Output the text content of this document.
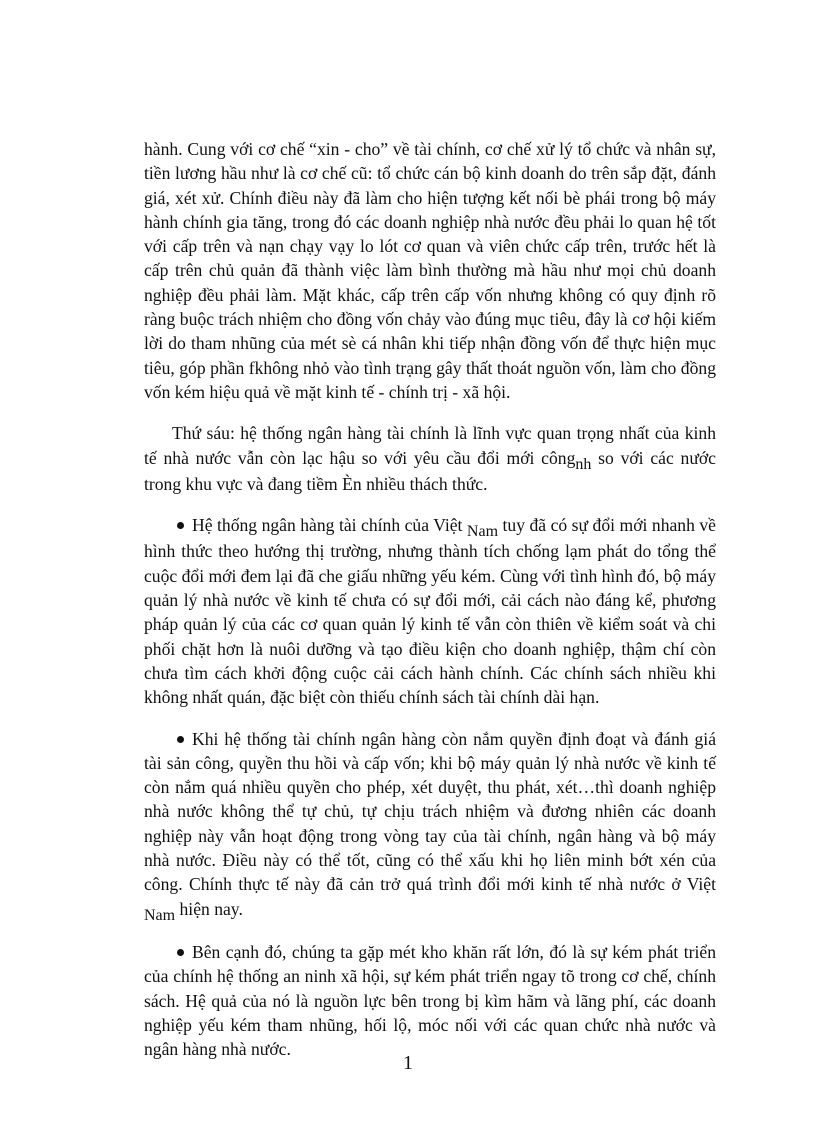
hành. Cung với cơ chế “xin - cho” về tài chính, cơ chế xử lý tổ chức và nhân sự, tiền lương hầu như là cơ chế cũ: tổ chức cán bộ kinh doanh do trên sắp đặt, đánh giá, xét xử. Chính điều này đã làm cho hiện tượng kết nối bè phái trong bộ máy hành chính gia tăng, trong đó các doanh nghiệp nhà nước đều phải lo quan hệ tốt với cấp trên và nạn chạy vạy lo lót cơ quan và viên chức cấp trên, trước hết là cấp trên chủ quản đã thành việc làm bình thường mà hầu như mọi chủ doanh nghiệp đều phải làm. Mặt khác, cấp trên cấp vốn nhưng không có quy định rõ ràng buộc trách nhiệm cho đồng vốn chảy vào đúng mục tiêu, đây là cơ hội kiếm lời do tham nhũng của mét sè cá nhân khi tiếp nhận đồng vốn để thực hiện mục tiêu, góp phần fkhông nhỏ vào tình trạng gây thất thoát nguồn vốn, làm cho đồng vốn kém hiệu quả về mặt kinh tế - chính trị - xã hội.

Thứ sáu: hệ thống ngân hàng tài chính là lĩnh vực quan trọng nhất của kinh tế nhà nước vẫn còn lạc hậu so với yêu cầu đổi mới côngnh so với các nước trong khu vực và đang tiềm Èn nhiều thách thức.

Hệ thống ngân hàng tài chính của Việt Nam tuy đã có sự đổi mới nhanh về hình thức theo hướng thị trường, nhưng thành tích chống lạm phát do tổng thể cuộc đổi mới đem lại đã che giấu những yếu kém. Cùng với tình hình đó, bộ máy quản lý nhà nước về kinh tế chưa có sự đổi mới, cải cách nào đáng kể, phương pháp quản lý của các cơ quan quản lý kinh tế vẫn còn thiên về kiểm soát và chi phối chặt hơn là nuôi dưỡng và tạo điều kiện cho doanh nghiệp, thậm chí còn chưa tìm cách khởi động cuộc cải cách hành chính. Các chính sách nhiều khi không nhất quán, đặc biệt còn thiếu chính sách tài chính dài hạn.

Khi hệ thống tài chính ngân hàng còn nắm quyền định đoạt và đánh giá tài sản công, quyền thu hồi và cấp vốn; khi bộ máy quản lý nhà nước về kinh tế còn nắm quá nhiều quyền cho phép, xét duyệt, thu phát, xét…thì doanh nghiệp nhà nước không thể tự chủ, tự chịu trách nhiệm và đương nhiên các doanh nghiệp này vẫn hoạt động trong vòng tay của tài chính, ngân hàng và bộ máy nhà nước. Điều này có thể tốt, cũng có thể xấu khi họ liên minh bớt xén của công. Chính thực tế này đã cản trở quá trình đổi mới kinh tế nhà nước ở Việt Nam hiện nay.

Bên cạnh đó, chúng ta gặp mét kho khăn rất lớn, đó là sự kém phát triển của chính hệ thống an ninh xã hội, sự kém phát triển ngay tõ trong cơ chế, chính sách. Hệ quả của nó là nguồn lực bên trong bị kìm hãm và lãng phí, các doanh nghiệp yếu kém tham nhũng, hối lộ, móc nối với các quan chức nhà nước và ngân hàng nhà nước.

1
